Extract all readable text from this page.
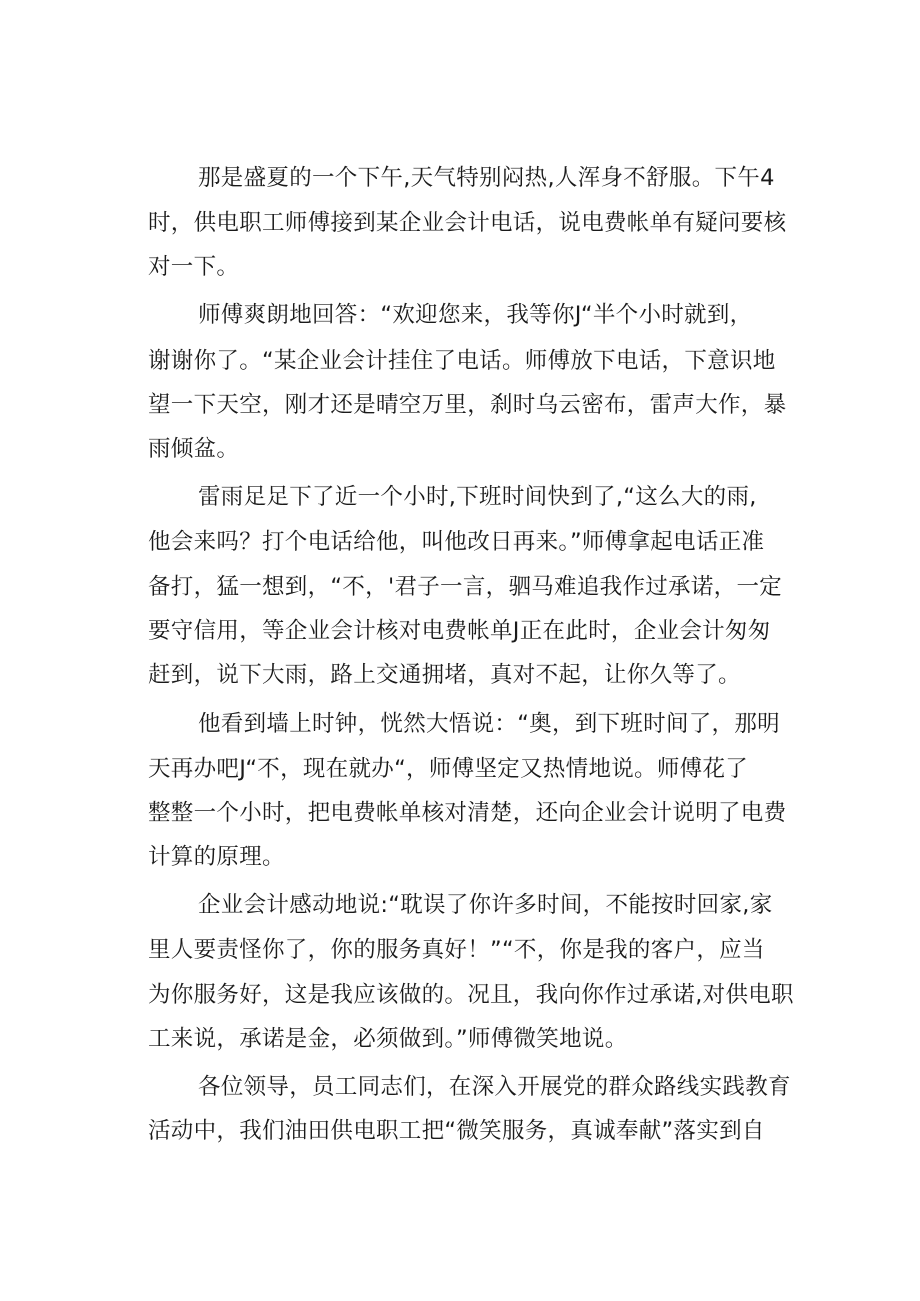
那是盛夏的一个下午,天气特别闷热,人浑身不舒服。下午4
时，供电职工师傅接到某企业会计电话，说电费帐单有疑问要核
对一下。
师傅爽朗地回答：“欢迎您来，我等你J“半个小时就到，
谢谢你了。“某企业会计挂住了电话。师傅放下电话，下意识地
望一下天空，刚才还是晴空万里，刹时乌云密布，雷声大作，暴
雨倾盆。
雷雨足足下了近一个小时,下班时间快到了,“这么大的雨,
他会来吗？打个电话给他，叫他改日再来。”师傅拿起电话正准
备打，猛一想到，“不，'君子一言，驷马难追我作过承诺，一定
要守信用，等企业会计核对电费帐单J正在此时，企业会计匆匆
赶到，说下大雨，路上交通拥堵，真对不起，让你久等了。
他看到墙上时钟，恍然大悟说：“奥，到下班时间了，那明
天再办吧J“不，现在就办“，师傅坚定又热情地说。师傅花了
整整一个小时，把电费帐单核对清楚，还向企业会计说明了电费
计算的原理。
企业会计感动地说:“耽误了你许多时间，不能按时回家,家
里人要责怪你了，你的服务真好！”“不，你是我的客户，应当
为你服务好，这是我应该做的。况且，我向你作过承诺,对供电职
工来说，承诺是金，必须做到。”师傅微笑地说。
各位领导，员工同志们，在深入开展党的群众路线实践教育
活动中，我们油田供电职工把“微笑服务，真诚奉献”落实到自
